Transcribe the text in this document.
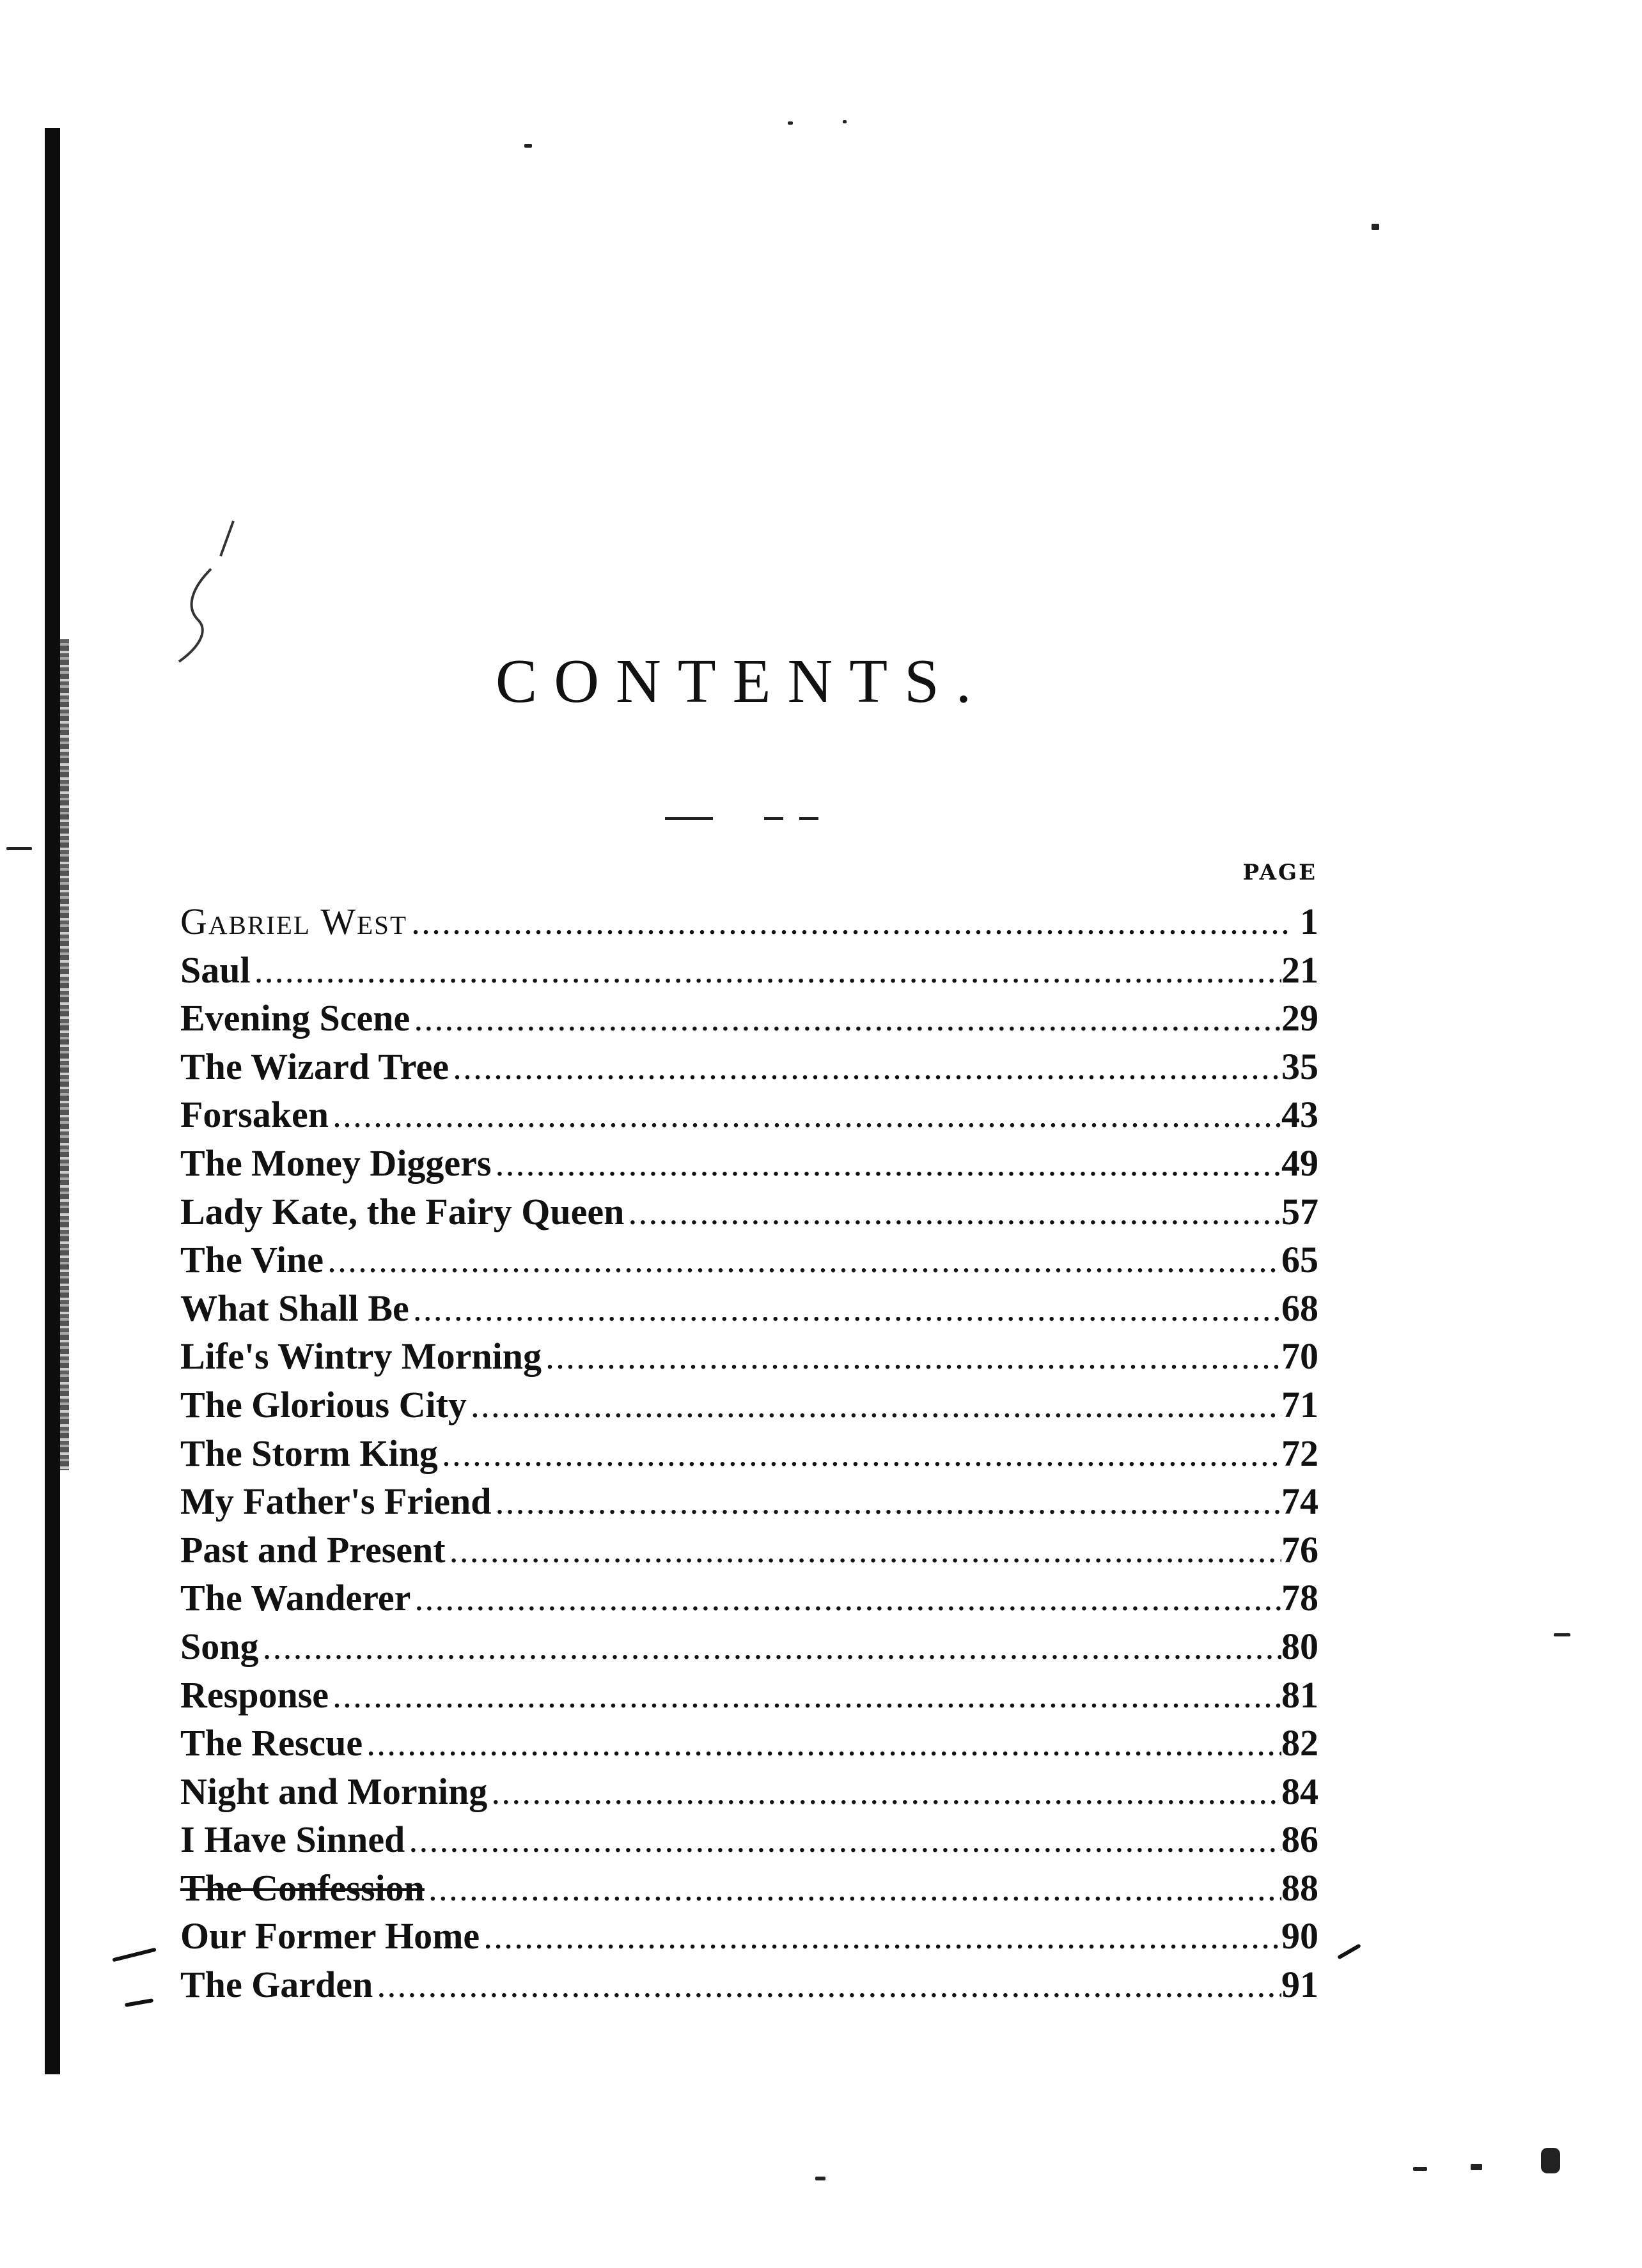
CONTENTS.
PAGE
Gabriel West .....	1
Saul .....	21
Evening Scene .....	29
The Wizard Tree .....	35
Forsaken .....	43
The Money Diggers .....	49
Lady Kate, the Fairy Queen .....	57
The Vine .....	65
What Shall Be .....	68
Life's Wintry Morning .....	70
The Glorious City .....	71
The Storm King .....	72
My Father's Friend .....	74
Past and Present .....	76
The Wanderer .....	78
Song .....	80
Response .....	81
The Rescue .....	82
Night and Morning .....	84
I Have Sinned .....	86
The Confession .....	88
Our Former Home .....	90
The Garden .....	91
